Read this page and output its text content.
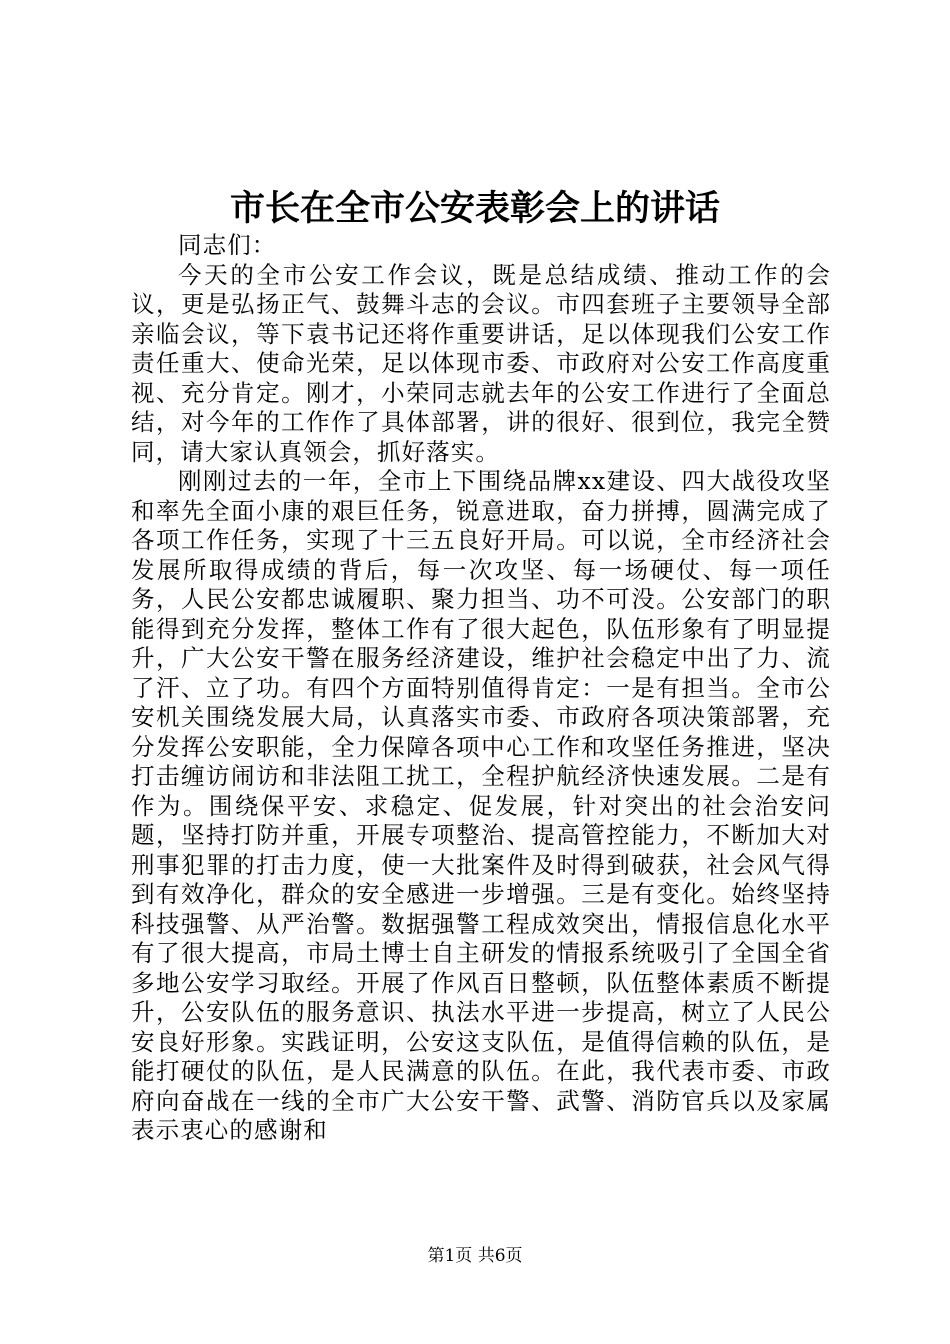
市长在全市公安表彰会上的讲话

同志们：

今天的全市公安工作会议，既是总结成绩、推动工作的会议，更是弘扬正气、鼓舞斗志的会议。市四套班子主要领导全部亲临会议，等下袁书记还将作重要讲话，足以体现我们公安工作责任重大、使命光荣，足以体现市委、市政府对公安工作高度重视、充分肯定。刚才，小荣同志就去年的公安工作进行了全面总结，对今年的工作作了具体部署，讲的很好、很到位，我完全赞同，请大家认真领会，抓好落实。

刚刚过去的一年，全市上下围绕品牌xx建设、四大战役攻坚和率先全面小康的艰巨任务，锐意进取，奋力拼搏，圆满完成了各项工作任务，实现了十三五良好开局。可以说，全市经济社会发展所取得成绩的背后，每一次攻坚、每一场硬仗、每一项任务，人民公安都忠诚履职、聚力担当、功不可没。公安部门的职能得到充分发挥，整体工作有了很大起色，队伍形象有了明显提升，广大公安干警在服务经济建设，维护社会稳定中出了力、流了汗、立了功。有四个方面特别值得肯定：一是有担当。全市公安机关围绕发展大局，认真落实市委、市政府各项决策部署，充分发挥公安职能，全力保障各项中心工作和攻坚任务推进，坚决打击缠访闹访和非法阻工扰工，全程护航经济快速发展。二是有作为。围绕保平安、求稳定、促发展，针对突出的社会治安问题，坚持打防并重，开展专项整治、提高管控能力，不断加大对刑事犯罪的打击力度，使一大批案件及时得到破获，社会风气得到有效净化，群众的安全感进一步增强。三是有变化。始终坚持科技强警、从严治警。数据强警工程成效突出，情报信息化水平有了很大提高，市局土博士自主研发的情报系统吸引了全国全省多地公安学习取经。开展了作风百日整顿，队伍整体素质不断提升，公安队伍的服务意识、执法水平进一步提高，树立了人民公安良好形象。实践证明，公安这支队伍，是值得信赖的队伍，是能打硬仗的队伍，是人民满意的队伍。在此，我代表市委、市政府向奋战在一线的全市广大公安干警、武警、消防官兵以及家属表示衷心的感谢和

第1页 共6页
